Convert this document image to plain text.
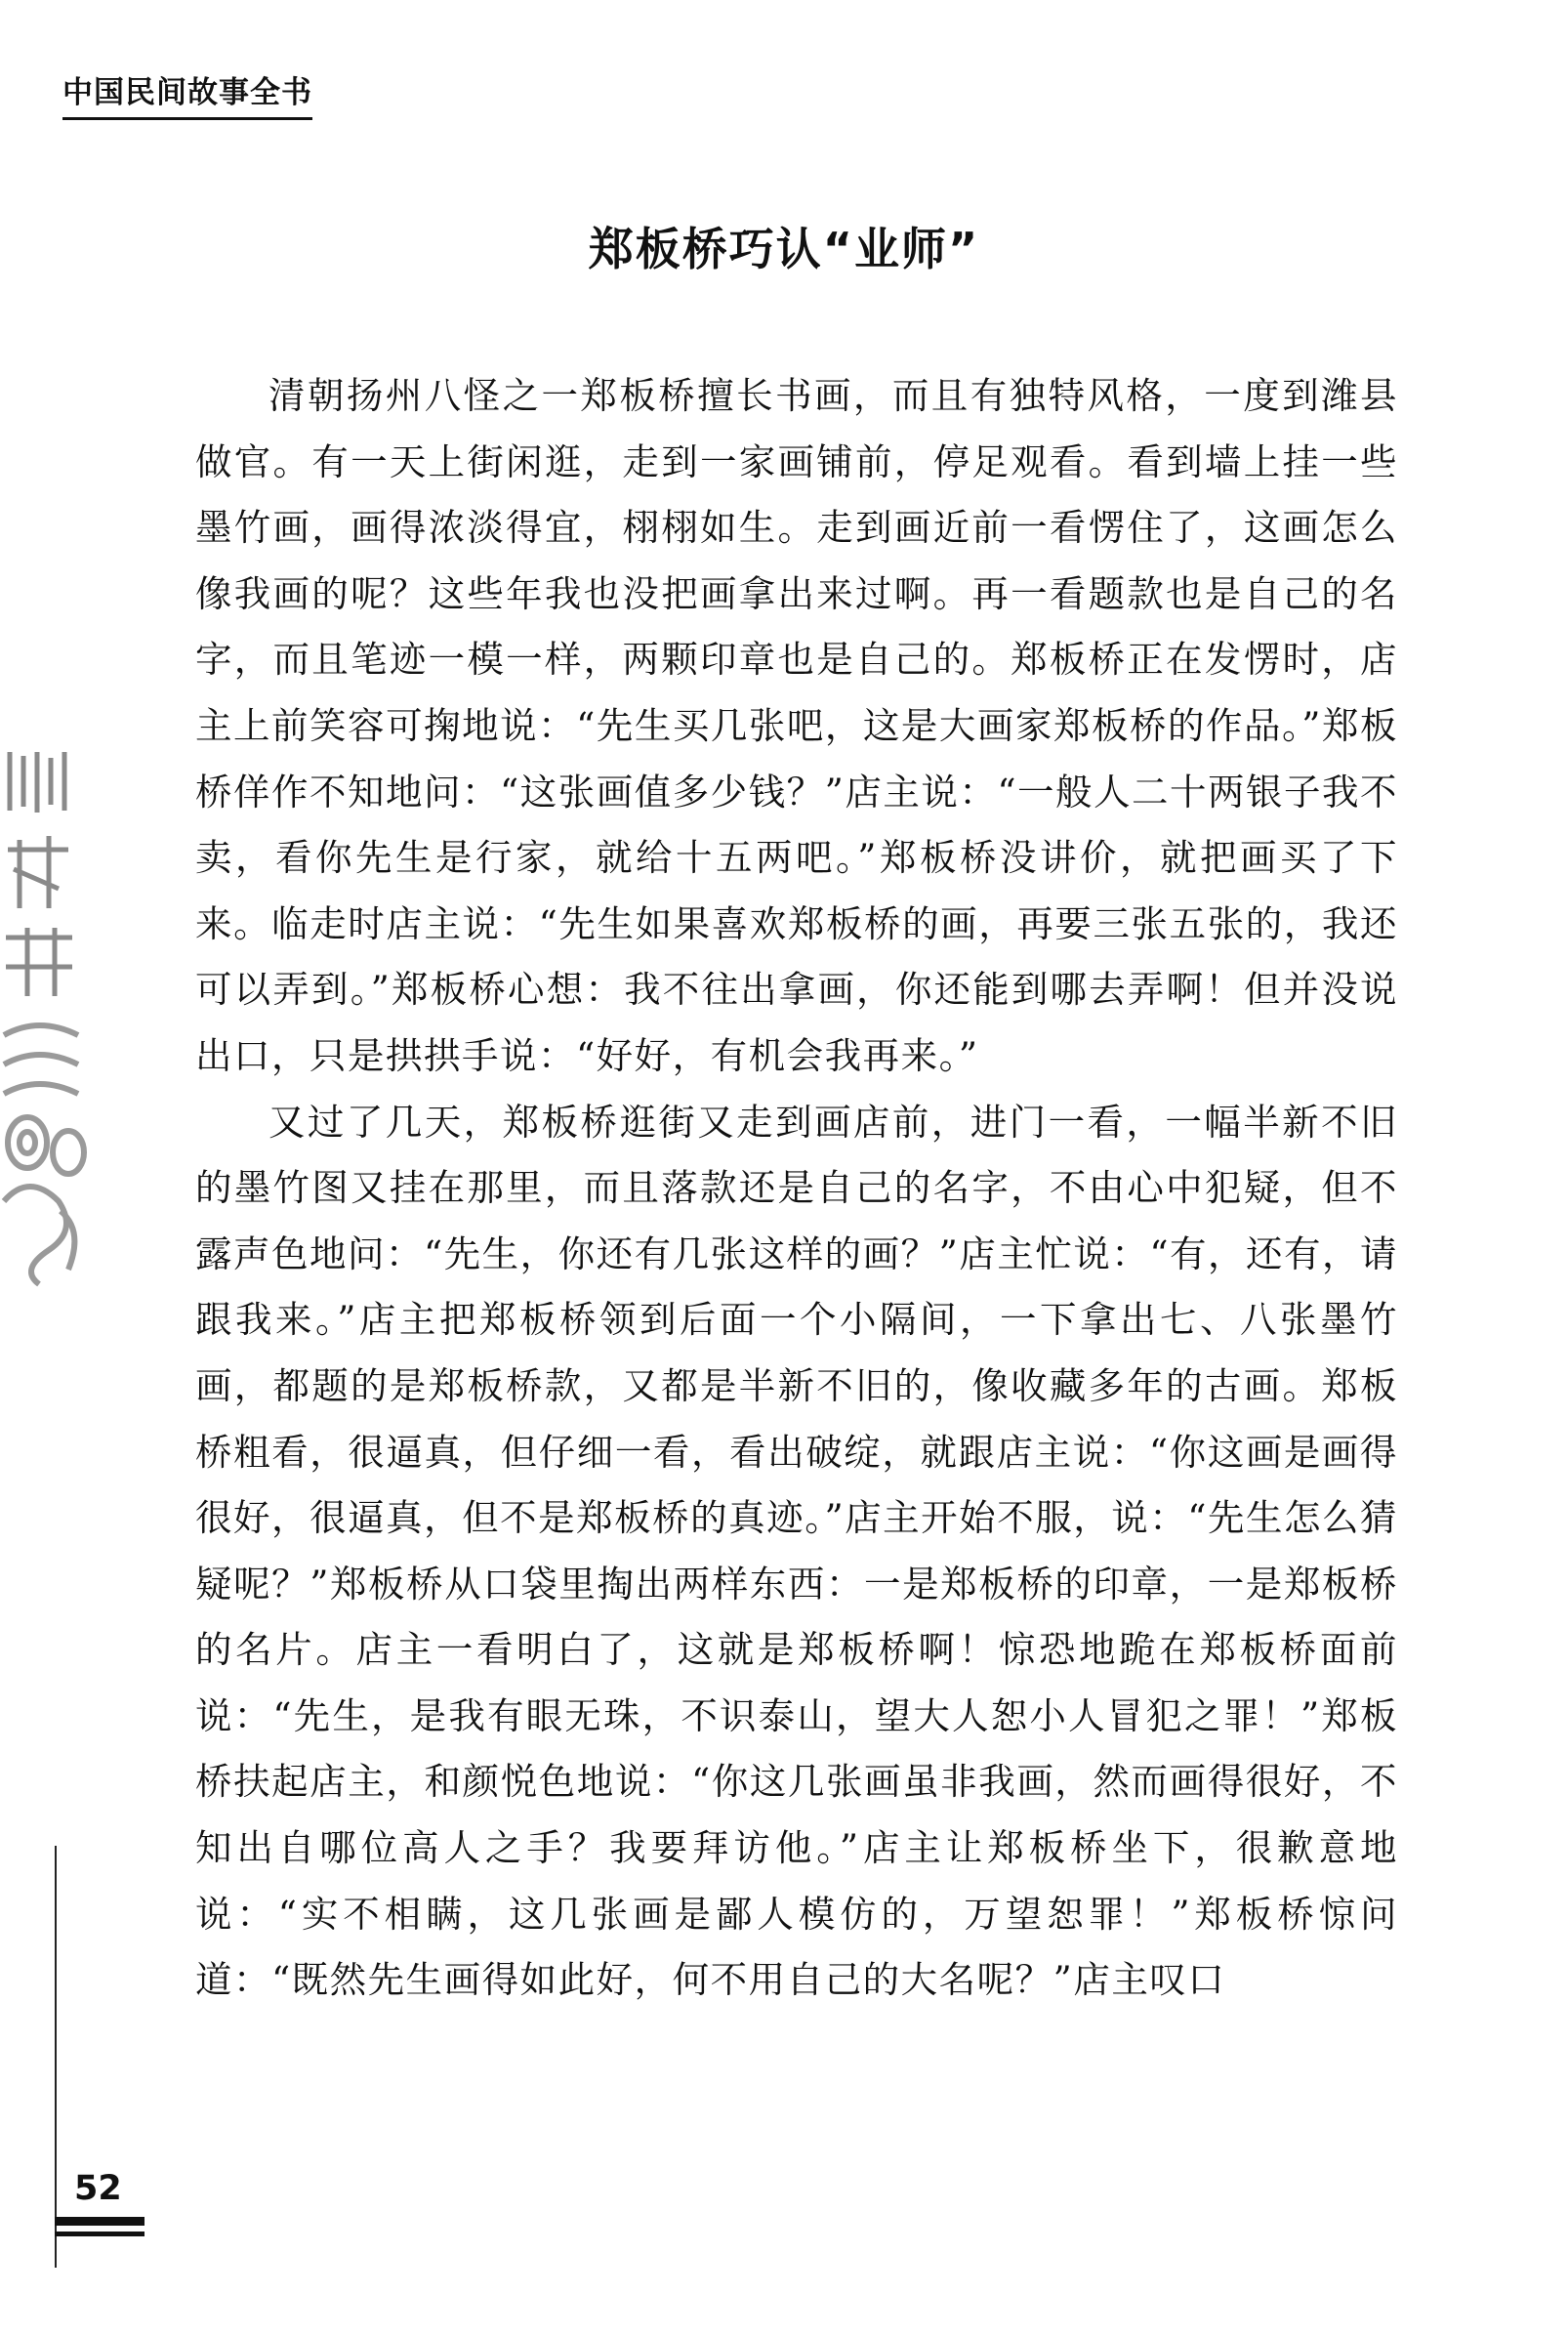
中国民间故事全书
郑板桥巧认“业师”

清朝扬州八怪之一郑板桥擅长书画，而且有独特风格，一度到潍县做官。有一天上街闲逛，走到一家画铺前，停足观看。看到墙上挂一些墨竹画，画得浓淡得宜，栩栩如生。走到画近前一看愣住了，这画怎么像我画的呢？这些年我也没把画拿出来过啊。再一看题款也是自己的名字，而且笔迹一模一样，两颗印章也是自己的。郑板桥正在发愣时，店主上前笑容可掬地说：“先生买几张吧，这是大画家郑板桥的作品。”郑板桥佯作不知地问：“这张画值多少钱？”店主说：“一般人二十两银子我不卖，看你先生是行家，就给十五两吧。”郑板桥没讲价，就把画买了下来。临走时店主说：“先生如果喜欢郑板桥的画，再要三张五张的，我还可以弄到。”郑板桥心想：我不往出拿画，你还能到哪去弄啊！但并没说出口，只是拱拱手说：“好好，有机会我再来。”

又过了几天，郑板桥逛街又走到画店前，进门一看，一幅半新不旧的墨竹图又挂在那里，而且落款还是自己的名字，不由心中犯疑，但不露声色地问：“先生，你还有几张这样的画？”店主忙说：“有，还有，请跟我来。”店主把郑板桥领到后面一个小隔间，一下拿出七、八张墨竹画，都题的是郑板桥款，又都是半新不旧的，像收藏多年的古画。郑板桥粗看，很逼真，但仔细一看，看出破绽，就跟店主说：“你这画是画得很好，很逼真，但不是郑板桥的真迹。”店主开始不服，说：“先生怎么猜疑呢？”郑板桥从口袋里掏出两样东西：一是郑板桥的印章，一是郑板桥的名片。店主一看明白了，这就是郑板桥啊！惊恐地跪在郑板桥面前说：“先生，是我有眼无珠，不识泰山，望大人恕小人冒犯之罪！”郑板桥扶起店主，和颜悦色地说：“你这几张画虽非我画，然而画得很好，不知出自哪位高人之手？我要拜访他。”店主让郑板桥坐下，很歉意地说：“实不相瞒，这几张画是鄙人模仿的，万望恕罪！”郑板桥惊问道：“既然先生画得如此好，何不用自己的大名呢？”店主叹口

52
